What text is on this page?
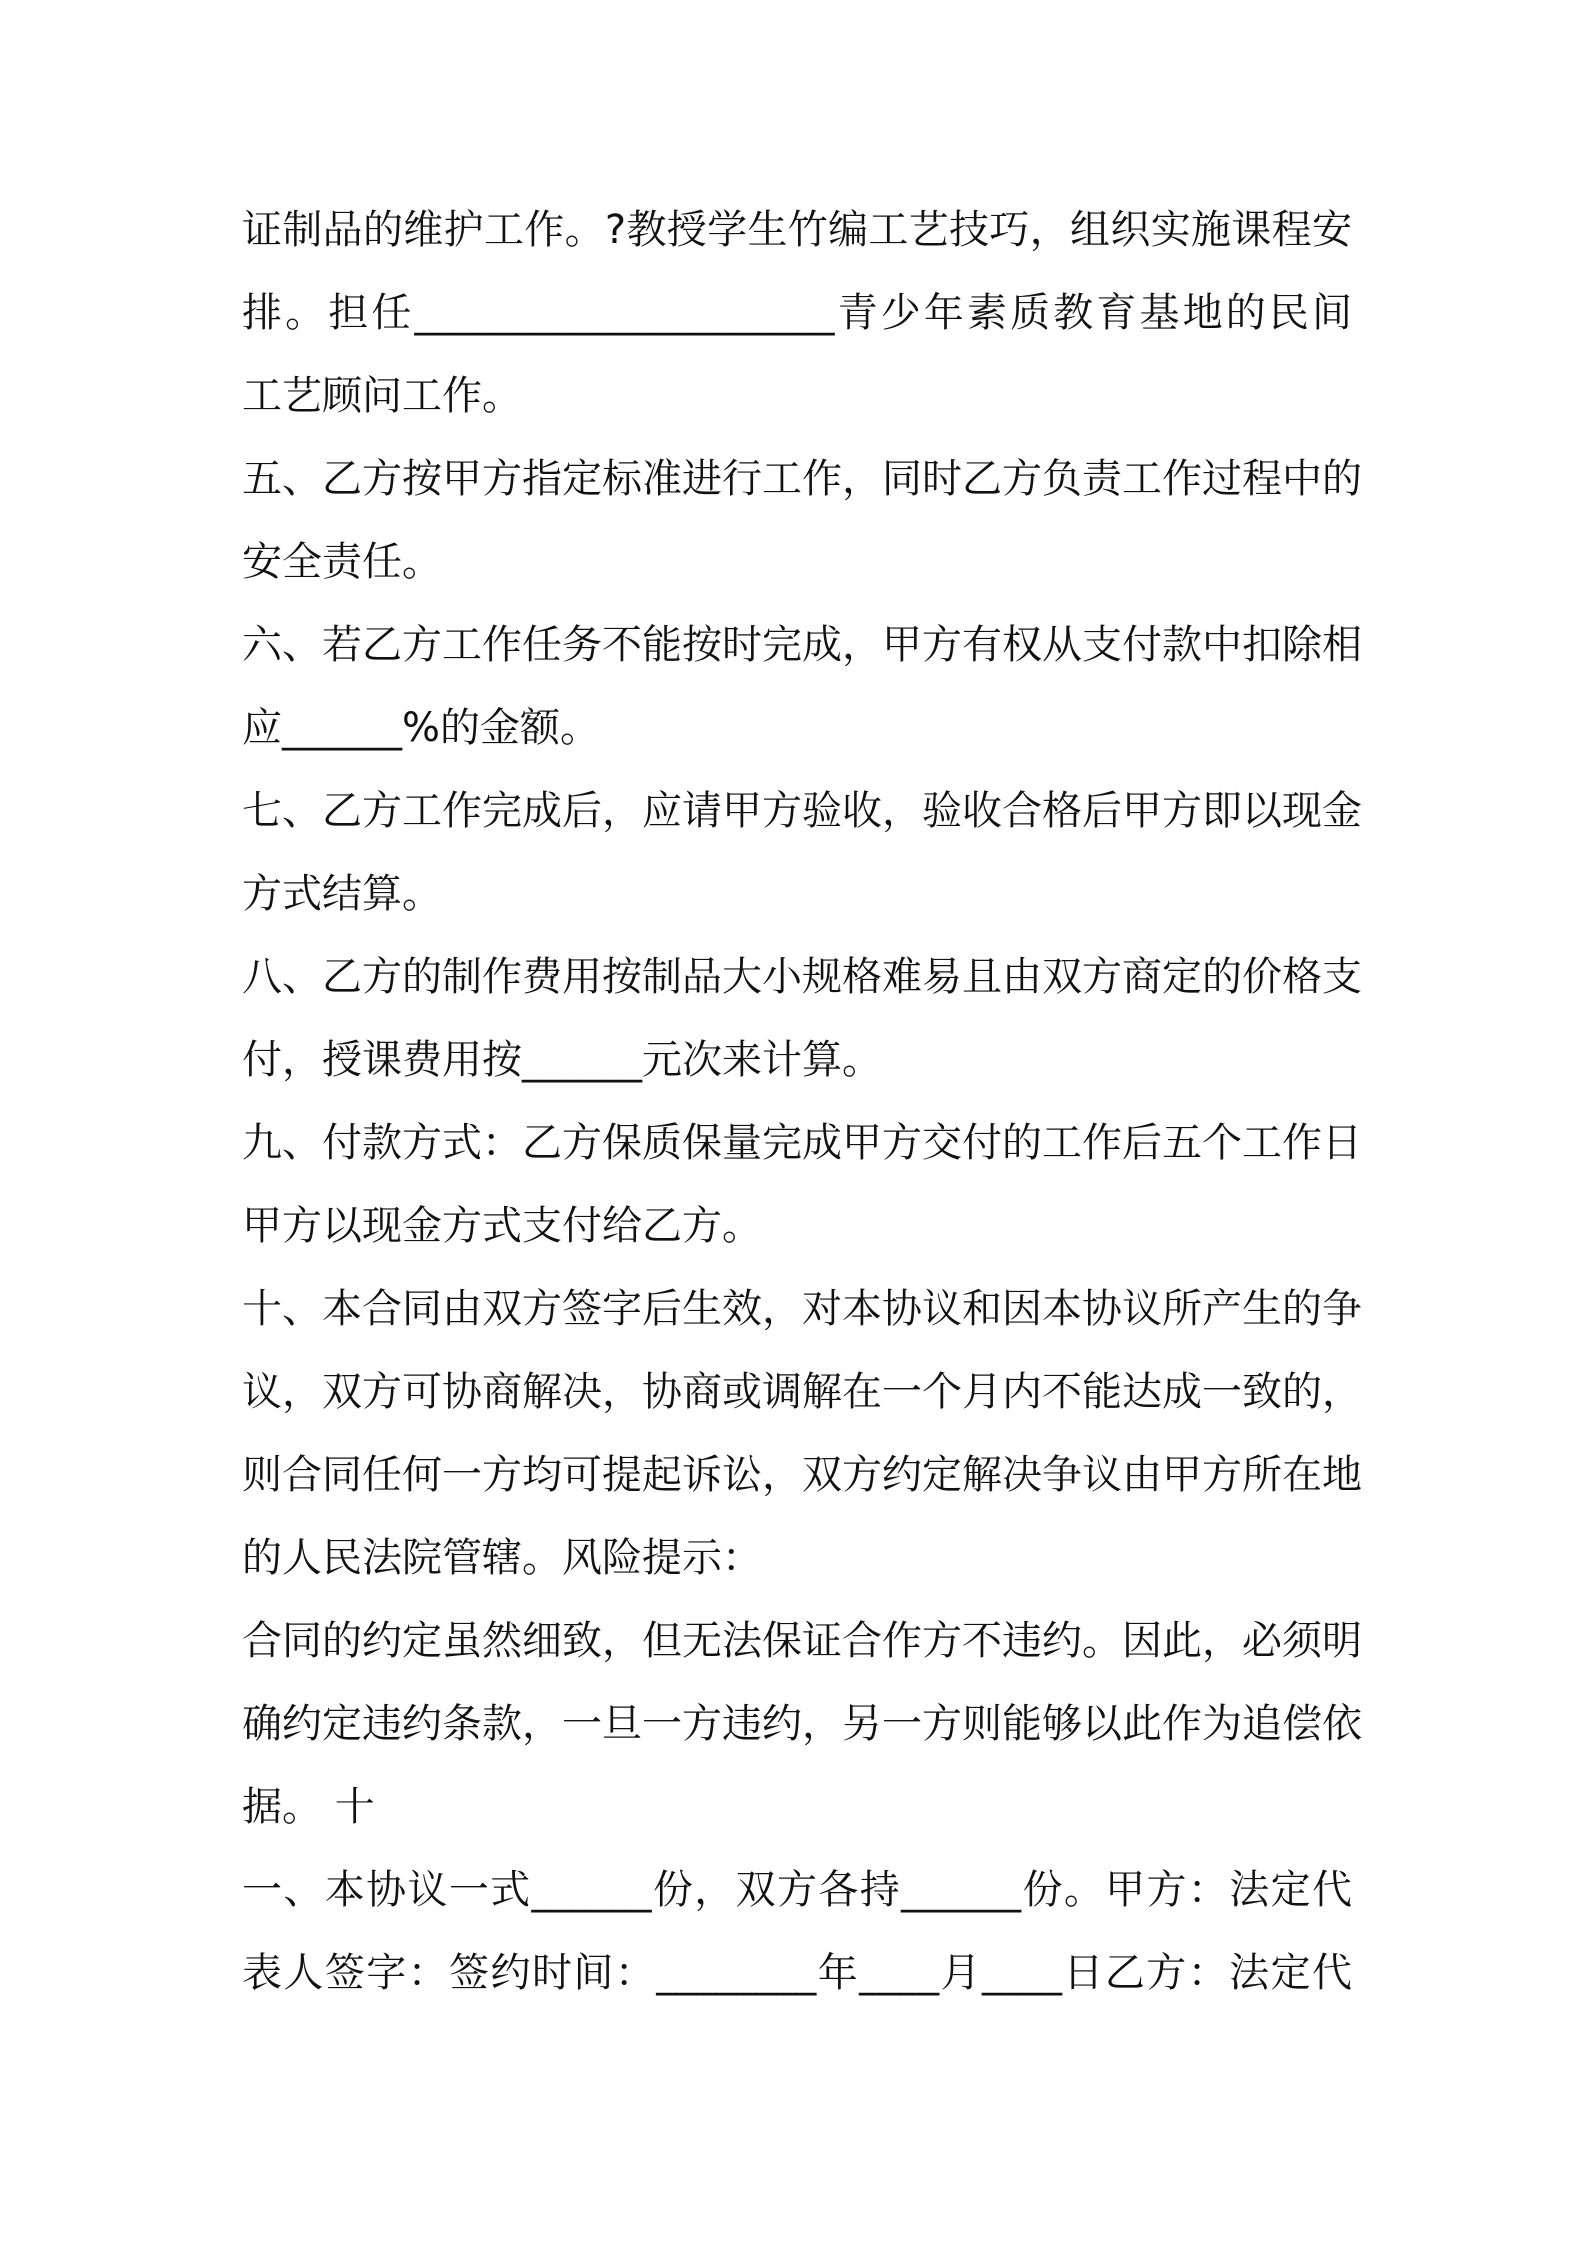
证制品的维护工作。?教授学生竹编工艺技巧，组织实施课程安
排。担任_____________________青少年素质教育基地的民间
工艺顾问工作。
五、乙方按甲方指定标准进行工作，同时乙方负责工作过程中的
安全责任。
六、若乙方工作任务不能按时完成，甲方有权从支付款中扣除相
应______%的金额。
七、乙方工作完成后，应请甲方验收，验收合格后甲方即以现金
方式结算。
八、乙方的制作费用按制品大小规格难易且由双方商定的价格支
付，授课费用按______元次来计算。
九、付款方式：乙方保质保量完成甲方交付的工作后五个工作日
甲方以现金方式支付给乙方。
十、本合同由双方签字后生效，对本协议和因本协议所产生的争
议，双方可协商解决，协商或调解在一个月内不能达成一致的，
则合同任何一方均可提起诉讼，双方约定解决争议由甲方所在地
的人民法院管辖。风险提示：
合同的约定虽然细致，但无法保证合作方不违约。因此，必须明
确约定违约条款，一旦一方违约，另一方则能够以此作为追偿依
据。 十
一、本协议一式______份，双方各持______份。甲方：法定代
表人签字：签约时间：________年____月____日乙方：法定代
